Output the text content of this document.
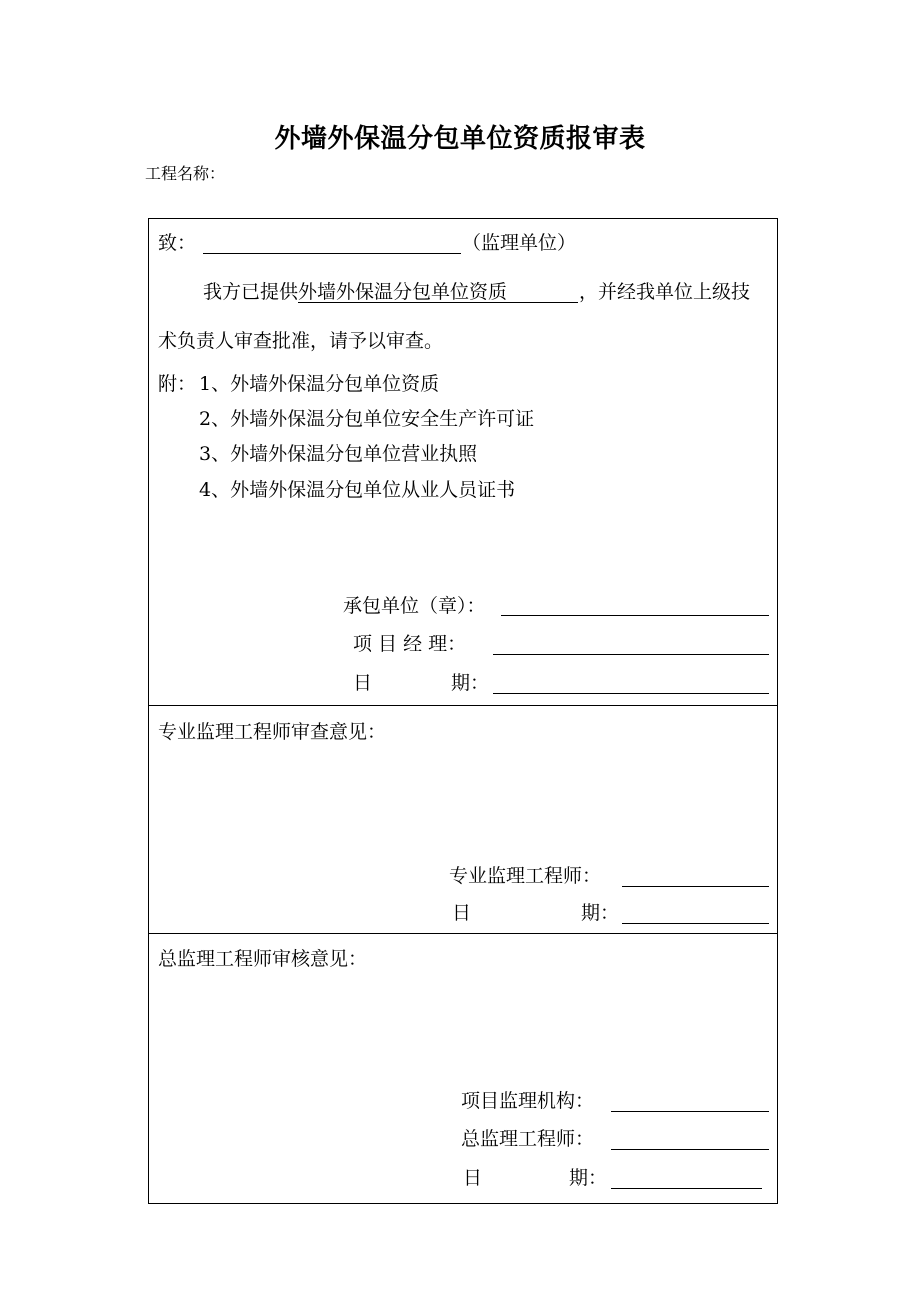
外墙外保温分包单位资质报审表
工程名称：
致：	（监理单位）
我方已提供 外墙外保温分包单位资质	，并经我单位上级技
术负责人审查批准，请予以审查。
附： 1、外墙外保温分包单位资质
2、外墙外保温分包单位安全生产许可证
3、外墙外保温分包单位营业执照
4、外墙外保温分包单位从业人员证书
承包单位（章）：
项 目 经 理：
日	期：
专业监理工程师审查意见：
专业监理工程师：
日	期：
总监理工程师审核意见：
项目监理机构：
总监理工程师：
日	期：
